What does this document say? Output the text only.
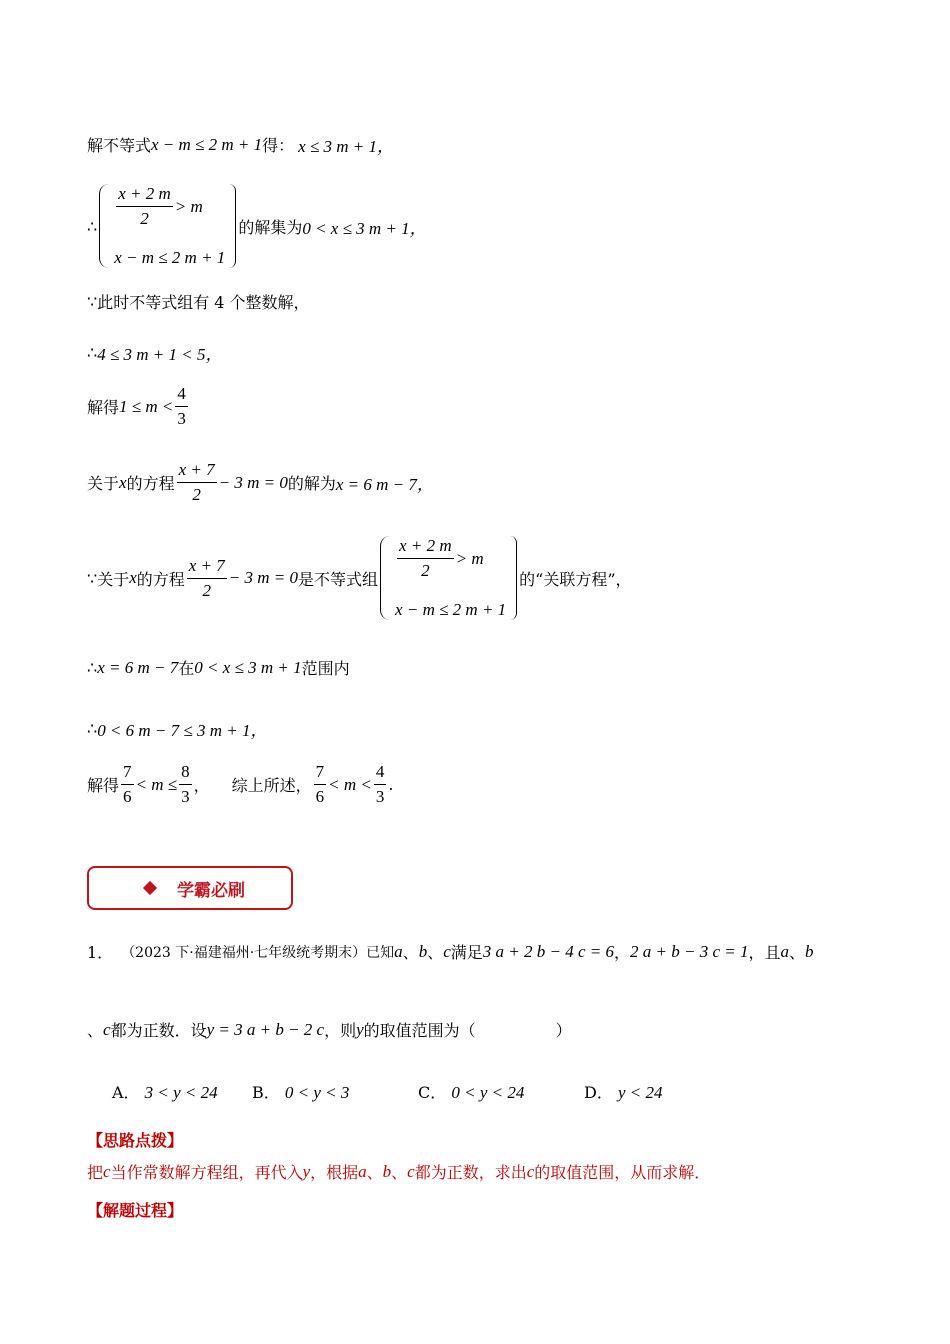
解不等式 x − m ≤ 2 m + 1 得： x ≤ 3 m + 1，
∴ $\frac{x + 2 m}{2} > m$
x − m ≤ 2 m + 1
的解集为 0 < x ≤ 3 m + 1，
∵ 此时不等式组有 4 个整数解，
∴ 4 ≤ 3 m + 1 < 5，
解得 $1 \le m < \frac{4}{3}$
关于 x 的方程 $\frac{x + 7}{2} - 3$ m = 0 的解为 x = 6 m − 7，
∵ 关于 x 的方程 $\frac{x + 7}{2} - 3$ m = 0 是不等式组 $\frac{x + 2 m}{2} > m$
x − m ≤ 2 m + 1
的“关联方程”，
∴ x = 6 m − 7 在 0 < x ≤ 3 m + 1 范围内
∴ 0 < 6 m − 7 ≤ 3 m + 1，
解得 $\frac{7}{6} < m \le \frac{8}{3}$ ， 综上所述， $\frac{7}{6} < m < \frac{4}{3}$ .
学霸必刷
1． （2023 下·福建福州·七年级统考期末）已知 a 、 b 、 c 满足 3 a + 2 b − 4 c = 6 ， 2 a + b − 3 c = 1 ，且 a 、 b
、 c 都为正数．设 y = 3 a + b − 2 c ，则 y 的取值范围为（　　　　　）
A． 3 < y < 24 B． 0 < y < 3	C． 0 < y < 24	D． y < 24
【思路点拨】
把 c 当作常数解方程组，再代入 y ，根据 a 、 b 、 c 都为正数，求出 c 的取值范围，从而求解．
【解题过程】
